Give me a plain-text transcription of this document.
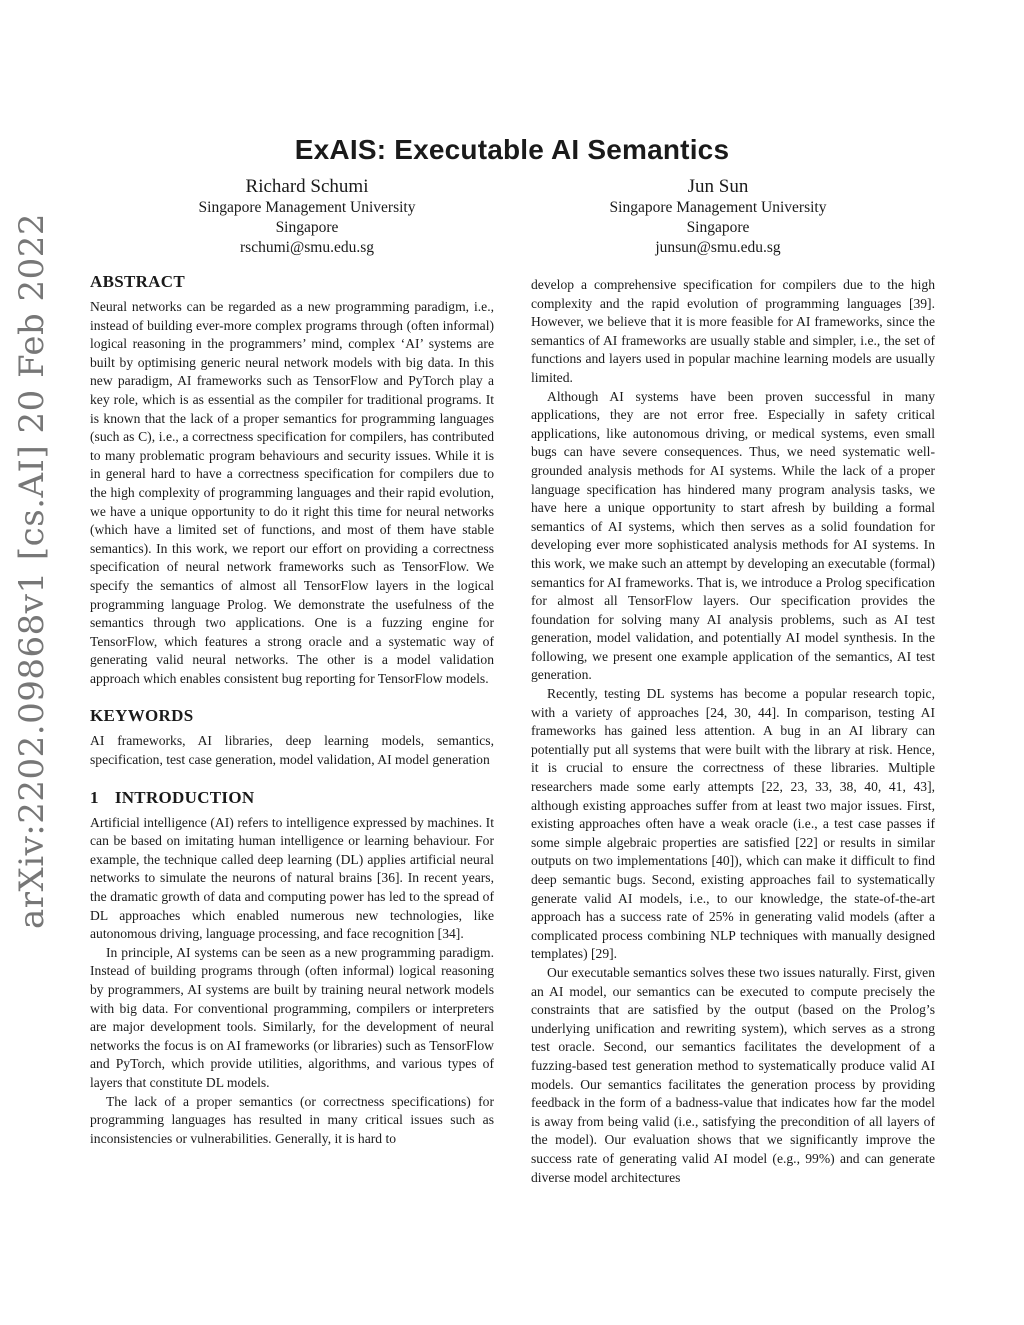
arXiv:2202.09868v1 [cs.AI] 20 Feb 2022
ExAIS: Executable AI Semantics
Richard Schumi
Singapore Management University
Singapore
rschumi@smu.edu.sg
Jun Sun
Singapore Management University
Singapore
junsun@smu.edu.sg
ABSTRACT

Neural networks can be regarded as a new programming paradigm, i.e., instead of building ever-more complex programs through (often informal) logical reasoning in the programmers’ mind, complex ‘AI’ systems are built by optimising generic neural network models with big data. In this new paradigm, AI frameworks such as TensorFlow and PyTorch play a key role, which is as essential as the compiler for traditional programs. It is known that the lack of a proper semantics for programming languages (such as C), i.e., a correctness specification for compilers, has contributed to many problematic program behaviours and security issues. While it is in general hard to have a correctness specification for compilers due to the high complexity of programming languages and their rapid evolution, we have a unique opportunity to do it right this time for neural networks (which have a limited set of functions, and most of them have stable semantics). In this work, we report our effort on providing a correctness specification of neural network frameworks such as TensorFlow. We specify the semantics of almost all TensorFlow layers in the logical programming language Prolog. We demonstrate the usefulness of the semantics through two applications. One is a fuzzing engine for TensorFlow, which features a strong oracle and a systematic way of generating valid neural networks. The other is a model validation approach which enables consistent bug reporting for TensorFlow models.

KEYWORDS

AI frameworks, AI libraries, deep learning models, semantics, specification, test case generation, model validation, AI model generation

1 INTRODUCTION

Artificial intelligence (AI) refers to intelligence expressed by machines. It can be based on imitating human intelligence or learning behaviour. For example, the technique called deep learning (DL) applies artificial neural networks to simulate the neurons of natural brains [36]. In recent years, the dramatic growth of data and computing power has led to the spread of DL approaches which enabled numerous new technologies, like autonomous driving, language processing, and face recognition [34].

In principle, AI systems can be seen as a new programming paradigm. Instead of building programs through (often informal) logical reasoning by programmers, AI systems are built by training neural network models with big data. For conventional programming, compilers or interpreters are major development tools. Similarly, for the development of neural networks the focus is on AI frameworks (or libraries) such as TensorFlow and PyTorch, which provide utilities, algorithms, and various types of layers that constitute DL models.

The lack of a proper semantics (or correctness specifications) for programming languages has resulted in many critical issues such as inconsistencies or vulnerabilities. Generally, it is hard to

develop a comprehensive specification for compilers due to the high complexity and the rapid evolution of programming languages [39]. However, we believe that it is more feasible for AI frameworks, since the semantics of AI frameworks are usually stable and simpler, i.e., the set of functions and layers used in popular machine learning models are usually limited.

Although AI systems have been proven successful in many applications, they are not error free. Especially in safety critical applications, like autonomous driving, or medical systems, even small bugs can have severe consequences. Thus, we need systematic well-grounded analysis methods for AI systems. While the lack of a proper language specification has hindered many program analysis tasks, we have here a unique opportunity to start afresh by building a formal semantics of AI systems, which then serves as a solid foundation for developing ever more sophisticated analysis methods for AI systems. In this work, we make such an attempt by developing an executable (formal) semantics for AI frameworks. That is, we introduce a Prolog specification for almost all TensorFlow layers. Our specification provides the foundation for solving many AI analysis problems, such as AI test generation, model validation, and potentially AI model synthesis. In the following, we present one example application of the semantics, AI test generation.

Recently, testing DL systems has become a popular research topic, with a variety of approaches [24, 30, 44]. In comparison, testing AI frameworks has gained less attention. A bug in an AI library can potentially put all systems that were built with the library at risk. Hence, it is crucial to ensure the correctness of these libraries. Multiple researchers made some early attempts [22, 23, 33, 38, 40, 41, 43], although existing approaches suffer from at least two major issues. First, existing approaches often have a weak oracle (i.e., a test case passes if some simple algebraic properties are satisfied [22] or results in similar outputs on two implementations [40]), which can make it difficult to find deep semantic bugs. Second, existing approaches fail to systematically generate valid AI models, i.e., to our knowledge, the state-of-the-art approach has a success rate of 25% in generating valid models (after a complicated process combining NLP techniques with manually designed templates) [29].

Our executable semantics solves these two issues naturally. First, given an AI model, our semantics can be executed to compute precisely the constraints that are satisfied by the output (based on the Prolog’s underlying unification and rewriting system), which serves as a strong test oracle. Second, our semantics facilitates the development of a fuzzing-based test generation method to systematically produce valid AI models. Our semantics facilitates the generation process by providing feedback in the form of a badness-value that indicates how far the model is away from being valid (i.e., satisfying the precondition of all layers of the model). Our evaluation shows that we significantly improve the success rate of generating valid AI model (e.g., 99%) and can generate diverse model architectures
